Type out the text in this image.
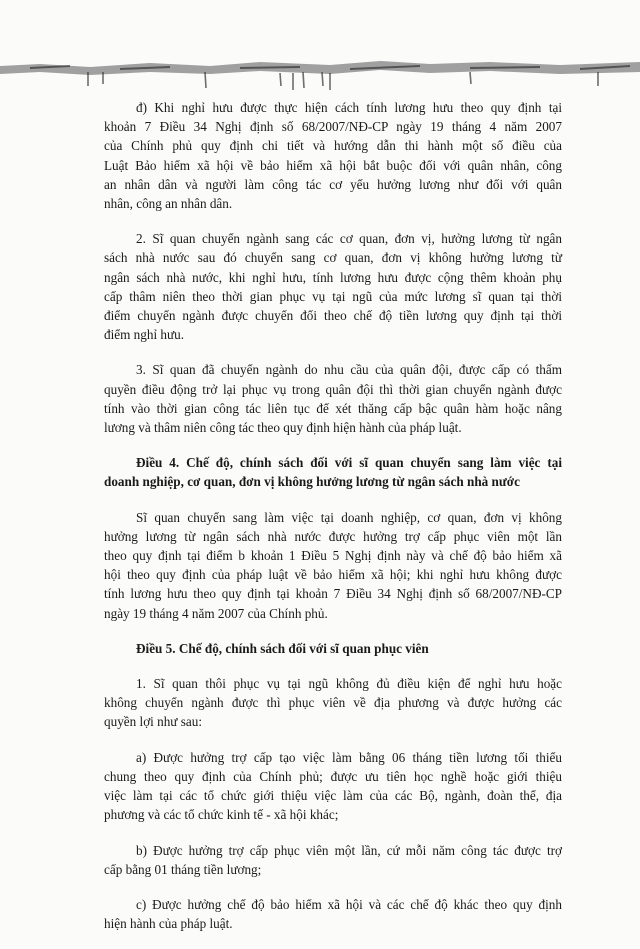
đ) Khi nghỉ hưu được thực hiện cách tính lương hưu theo quy định tại
khoản 7 Điều 34 Nghị định số 68/2007/NĐ-CP ngày 19 tháng 4 năm 2007
của Chính phủ quy định chi tiết và hướng dẫn thi hành một số điều của
Luật Bảo hiểm xã hội về bảo hiểm xã hội bắt buộc đối với quân nhân, công
an nhân dân và người làm công tác cơ yếu hưởng lương như đối với quân
nhân, công an nhân dân.
2. Sĩ quan chuyển ngành sang các cơ quan, đơn vị, hưởng lương từ ngân
sách nhà nước sau đó chuyển sang cơ quan, đơn vị không hưởng lương từ
ngân sách nhà nước, khi nghỉ hưu, tính lương hưu được cộng thêm khoản phụ
cấp thâm niên theo thời gian phục vụ tại ngũ của mức lương sĩ quan tại thời
điểm chuyển ngành được chuyển đổi theo chế độ tiền lương quy định tại thời
điểm nghỉ hưu.
3. Sĩ quan đã chuyển ngành do nhu cầu của quân đội, được cấp có thẩm
quyền điều động trở lại phục vụ trong quân đội thì thời gian chuyển ngành được
tính vào thời gian công tác liên tục để xét thăng cấp bậc quân hàm hoặc nâng
lương và thâm niên công tác theo quy định hiện hành của pháp luật.
Điều 4. Chế độ, chính sách đối với sĩ quan chuyển sang làm việc tại
doanh nghiệp, cơ quan, đơn vị không hưởng lương từ ngân sách nhà nước
Sĩ quan chuyển sang làm việc tại doanh nghiệp, cơ quan, đơn vị không
hưởng lương từ ngân sách nhà nước được hưởng trợ cấp phục viên một lần
theo quy định tại điểm b khoản 1 Điều 5 Nghị định này và chế độ bảo hiểm xã
hội theo quy định của pháp luật về bảo hiểm xã hội; khi nghỉ hưu không được
tính lương hưu theo quy định tại khoản 7 Điều 34 Nghị định số 68/2007/NĐ-CP
ngày 19 tháng 4 năm 2007 của Chính phủ.
Điều 5. Chế độ, chính sách đối với sĩ quan phục viên
1. Sĩ quan thôi phục vụ tại ngũ không đủ điều kiện để nghỉ hưu hoặc
không chuyển ngành được thì phục viên về địa phương và được hưởng các
quyền lợi như sau:
a) Được hưởng trợ cấp tạo việc làm bằng 06 tháng tiền lương tối thiểu
chung theo quy định của Chính phủ; được ưu tiên học nghề hoặc giới thiệu
việc làm tại các tổ chức giới thiệu việc làm của các Bộ, ngành, đoàn thể, địa
phương và các tổ chức kinh tế - xã hội khác;
b) Được hưởng trợ cấp phục viên một lần, cứ mỗi năm công tác được trợ
cấp bằng 01 tháng tiền lương;
c) Được hưởng chế độ bảo hiểm xã hội và các chế độ khác theo quy định
hiện hành của pháp luật.
